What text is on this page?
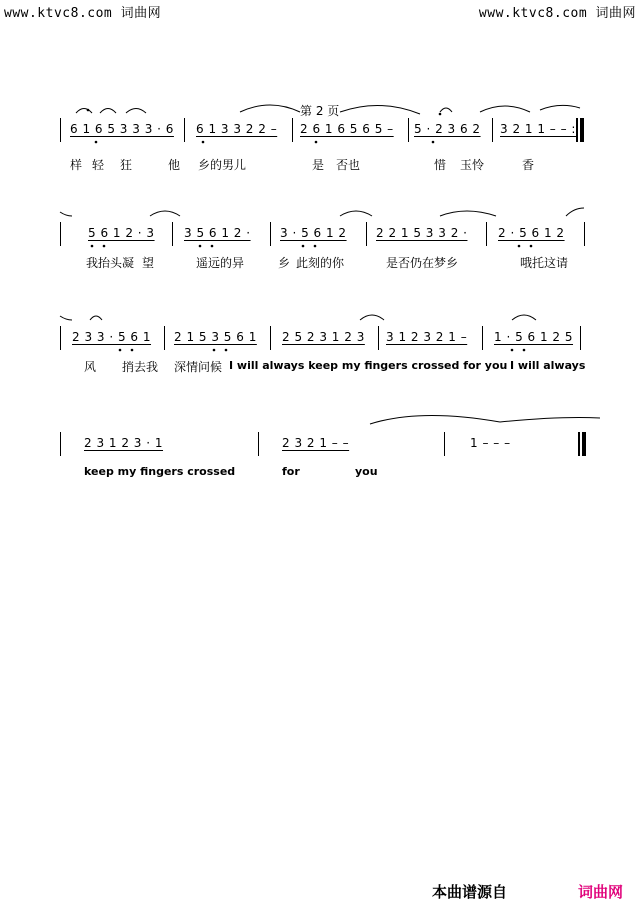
www.ktvc8.com 词曲网	www.ktvc8.com 词曲网
第 2 页
6 1 6 5 3 3 3 · 6 6 1 3 3 2 2 – 2 6 1 6 5 6 5 – 5 · 2 3 6 2 3 2 1 1 – – :
样 轻 狂	他 乡的男儿	是 否也	惜 玉怜	香
5 6 1 2 · 3 3 5 6 1 2 · 3 · 5 6 1 2 2 2 1 5 3 3 2 ·	2 · 5 6 1 2
我抬头凝 望	遥远的异	乡 此刻的你	是否仍在梦乡	哦托这请
2 3 3 · 5 6 1 2 1 5 3 5 6 1 2 5 2 3 1 2 3 3 1 2 3 2 1 – 1 · 5 6 1 2 5
风 捎去我 深情问候 I will always keep my fingers crossed for you I will always
2 3 1 2 3 · 1	2 3 2 1 – –	1 – – –
keep my fingers crossed	for	you
本曲谱源自	词曲网
